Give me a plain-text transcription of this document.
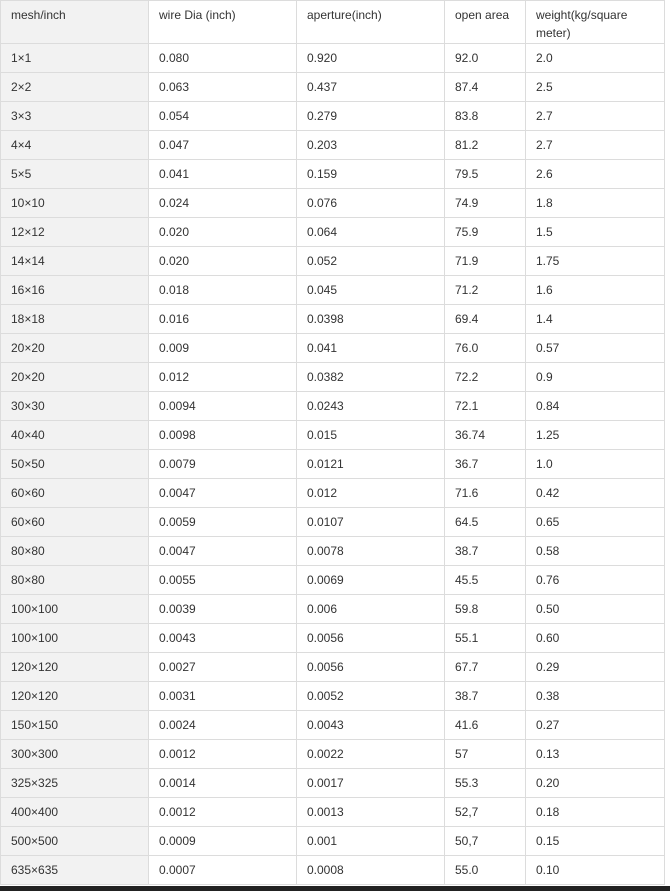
mesh/inch	wire Dia (inch)	aperture(inch)	open area	weight(kg/square meter)
1×1	0.080	0.920	92.0	2.0
2×2	0.063	0.437	87.4	2.5
3×3	0.054	0.279	83.8	2.7
4×4	0.047	0.203	81.2	2.7
5×5	0.041	0.159	79.5	2.6
10×10	0.024	0.076	74.9	1.8
12×12	0.020	0.064	75.9	1.5
14×14	0.020	0.052	71.9	1.75
16×16	0.018	0.045	71.2	1.6
18×18	0.016	0.0398	69.4	1.4
20×20	0.009	0.041	76.0	0.57
20×20	0.012	0.0382	72.2	0.9
30×30	0.0094	0.0243	72.1	0.84
40×40	0.0098	0.015	36.74	1.25
50×50	0.0079	0.0121	36.7	1.0
60×60	0.0047	0.012	71.6	0.42
60×60	0.0059	0.0107	64.5	0.65
80×80	0.0047	0.0078	38.7	0.58
80×80	0.0055	0.0069	45.5	0.76
100×100	0.0039	0.006	59.8	0.50
100×100	0.0043	0.0056	55.1	0.60
120×120	0.0027	0.0056	67.7	0.29
120×120	0.0031	0.0052	38.7	0.38
150×150	0.0024	0.0043	41.6	0.27
300×300	0.0012	0.0022	57	0.13
325×325	0.0014	0.0017	55.3	0.20
400×400	0.0012	0.0013	52,7	0.18
500×500	0.0009	0.001	50,7	0.15
635×635	0.0007	0.0008	55.0	0.10
